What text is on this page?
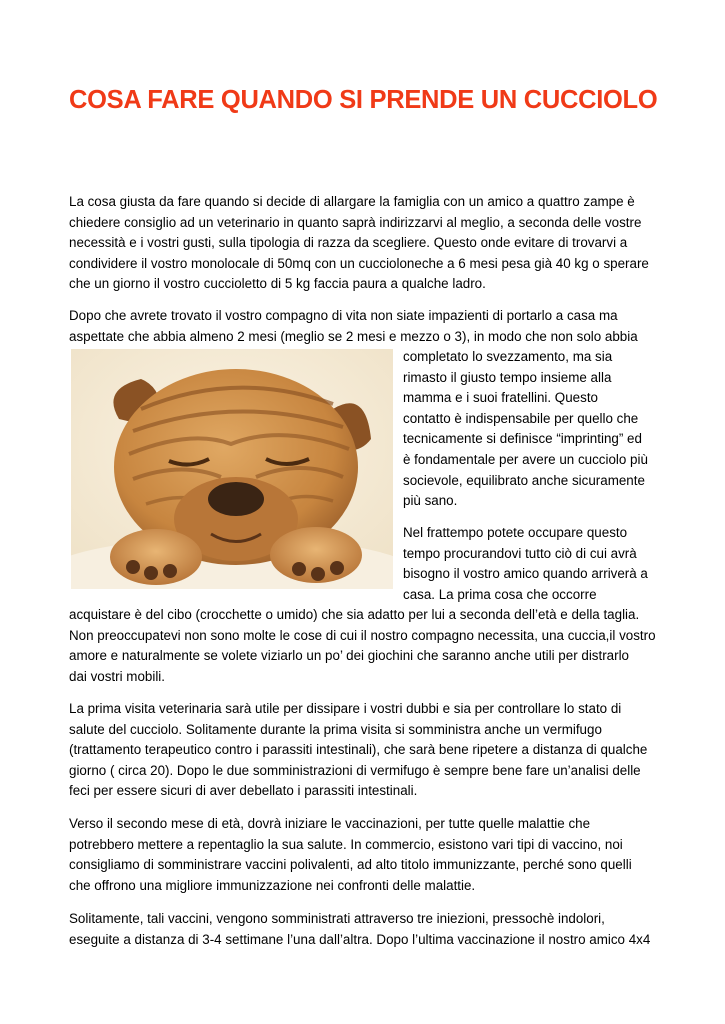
COSA FARE QUANDO SI PRENDE UN CUCCIOLO

La cosa giusta da fare quando si decide di allargare la famiglia con un amico a quattro zampe è
chiedere consiglio ad un veterinario in quanto saprà indirizzarvi al meglio, a seconda delle vostre
necessità e i vostri gusti, sulla tipologia di razza da scegliere. Questo onde evitare di trovarvi a
condividere il vostro monolocale di 50mq con un cuccioloneche a 6 mesi pesa già 40 kg o sperare
che un giorno il vostro cuccioletto di 5 kg faccia paura a qualche ladro.

Dopo che avrete trovato il vostro compagno di vita non siate impazienti di portarlo a casa ma
aspettate che abbia almeno 2 mesi (meglio se 2 mesi e mezzo o 3), in modo che non solo abbia

completato lo svezzamento, ma sia
rimasto il giusto tempo insieme alla
mamma e i suoi fratellini. Questo
contatto è indispensabile per quello che
tecnicamente si definisce “imprinting” ed
è fondamentale per avere un cucciolo più
socievole, equilibrato anche sicuramente
più sano.

Nel frattempo potete occupare questo
tempo procurandovi tutto ciò di cui avrà
bisogno il vostro amico quando arriverà a
casa. La prima cosa che occorre

acquistare è del cibo (crocchette o umido) che sia adatto per lui a seconda dell’età e della taglia.
Non preoccupatevi non sono molte le cose di cui il nostro compagno necessita, una cuccia,il vostro
amore e naturalmente se volete viziarlo un po’ dei giochini che saranno anche utili per distrarlo
dai vostri mobili.

La prima visita veterinaria sarà utile per dissipare i vostri dubbi e sia per controllare lo stato di
salute del cucciolo. Solitamente durante la prima visita si somministra anche un vermifugo
(trattamento terapeutico contro i parassiti intestinali), che sarà bene ripetere a distanza di qualche
giorno ( circa 20). Dopo le due somministrazioni di vermifugo è sempre bene fare un’analisi delle
feci per essere sicuri di aver debellato i parassiti intestinali.

Verso il secondo mese di età, dovrà iniziare le vaccinazioni, per tutte quelle malattie che
potrebbero mettere a repentaglio la sua salute. In commercio, esistono vari tipi di vaccino, noi
consigliamo di somministrare vaccini polivalenti, ad alto titolo immunizzante, perché sono quelli
che offrono una migliore immunizzazione nei confronti delle malattie.

Solitamente, tali vaccini, vengono somministrati attraverso tre iniezioni, pressochè indolori,
eseguite a distanza di 3-4 settimane l’una dall’altra. Dopo l’ultima vaccinazione il nostro amico 4x4
